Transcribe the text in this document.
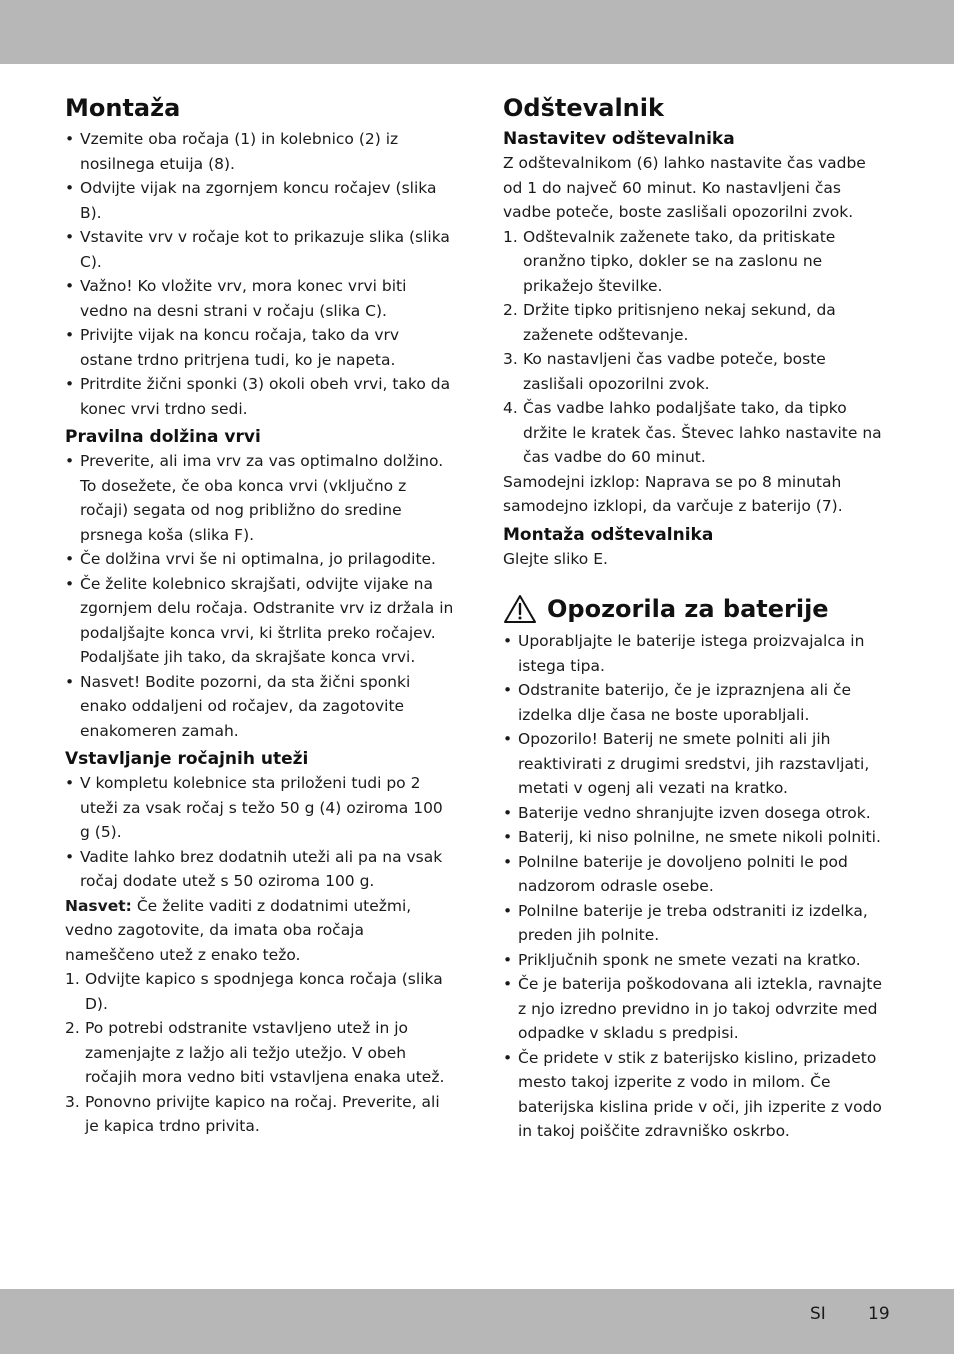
Montaža
• Vzemite oba ročaja (1) in kolebnico (2) iz nosilnega etuija (8).
• Odvijte vijak na zgornjem koncu ročajev (slika B).
• Vstavite vrv v ročaje kot to prikazuje slika (slika C).
• Važno! Ko vložite vrv, mora konec vrvi biti vedno na desni strani v ročaju (slika C).
• Privijte vijak na koncu ročaja, tako da vrv ostane trdno pritrjena tudi, ko je napeta.
• Pritrdite žični sponki (3) okoli obeh vrvi, tako da konec vrvi trdno sedi.
Pravilna dolžina vrvi
• Preverite, ali ima vrv za vas optimalno dolžino. To dosežete, če oba konca vrvi (vključno z ročaji) segata od nog približno do sredine prsnega koša (slika F).
• Če dolžina vrvi še ni optimalna, jo prilagodite.
• Če želite kolebnico skrajšati, odvijte vijake na zgornjem delu ročaja. Odstranite vrv iz držala in podaljšajte konca vrvi, ki štrlita preko ročajev. Podaljšate jih tako, da skrajšate konca vrvi.
• Nasvet! Bodite pozorni, da sta žični sponki enako oddaljeni od ročajev, da zagotovite enakomeren zamah.
Vstavljanje ročajnih uteži
• V kompletu kolebnice sta priloženi tudi po 2 uteži za vsak ročaj s težo 50 g (4) oziroma 100 g (5).
• Vadite lahko brez dodatnih uteži ali pa na vsak ročaj dodate utež s 50 oziroma 100 g.

Nasvet: Če želite vaditi z dodatnimi utežmi, vedno zagotovite, da imata oba ročaja nameščeno utež z enako težo.

1. Odvijte kapico s spodnjega konca ročaja (slika D).
2. Po potrebi odstranite vstavljeno utež in jo zamenjajte z lažjo ali težjo utežjo. V obeh ročajih mora vedno biti vstavljena enaka utež.
3. Ponovno privijte kapico na ročaj. Preverite, ali je kapica trdno privita.
Odštevalnik
Nastavitev odštevalnika

Z odštevalnikom (6) lahko nastavite čas vadbe od 1 do največ 60 minut. Ko nastavljeni čas vadbe poteče, boste zaslišali opozorilni zvok.

1. Odštevalnik zaženete tako, da pritiskate oranžno tipko, dokler se na zaslonu ne prikažejo številke.
2. Držite tipko pritisnjeno nekaj sekund, da zaženete odštevanje.
3. Ko nastavljeni čas vadbe poteče, boste zaslišali opozorilni zvok.
4. Čas vadbe lahko podaljšate tako, da tipko držite le kratek čas. Števec lahko nastavite na čas vadbe do 60 minut.

Samodejni izklop: Naprava se po 8 minutah samodejno izklopi, da varčuje z baterijo (7).

Montaža odštevalnika

Glejte sliko E.

Opozorila za baterije
• Uporabljajte le baterije istega proizvajalca in istega tipa.
• Odstranite baterijo, če je izpraznjena ali če izdelka dlje časa ne boste uporabljali.
• Opozorilo! Baterij ne smete polniti ali jih reaktivirati z drugimi sredstvi, jih razstavljati, metati v ogenj ali vezati na kratko.
• Baterije vedno shranjujte izven dosega otrok.
• Baterij, ki niso polnilne, ne smete nikoli polniti.
• Polnilne baterije je dovoljeno polniti le pod nadzorom odrasle osebe.
• Polnilne baterije je treba odstraniti iz izdelka, preden jih polnite.
• Priključnih sponk ne smete vezati na kratko.
• Če je baterija poškodovana ali iztekla, ravnajte z njo izredno previdno in jo takoj odvrzite med odpadke v skladu s predpisi.
• Če pridete v stik z baterijsko kislino, prizadeto mesto takoj izperite z vodo in milom. Če baterijska kislina pride v oči, jih izperite z vodo in takoj poiščite zdravniško oskrbo.
SI 19
